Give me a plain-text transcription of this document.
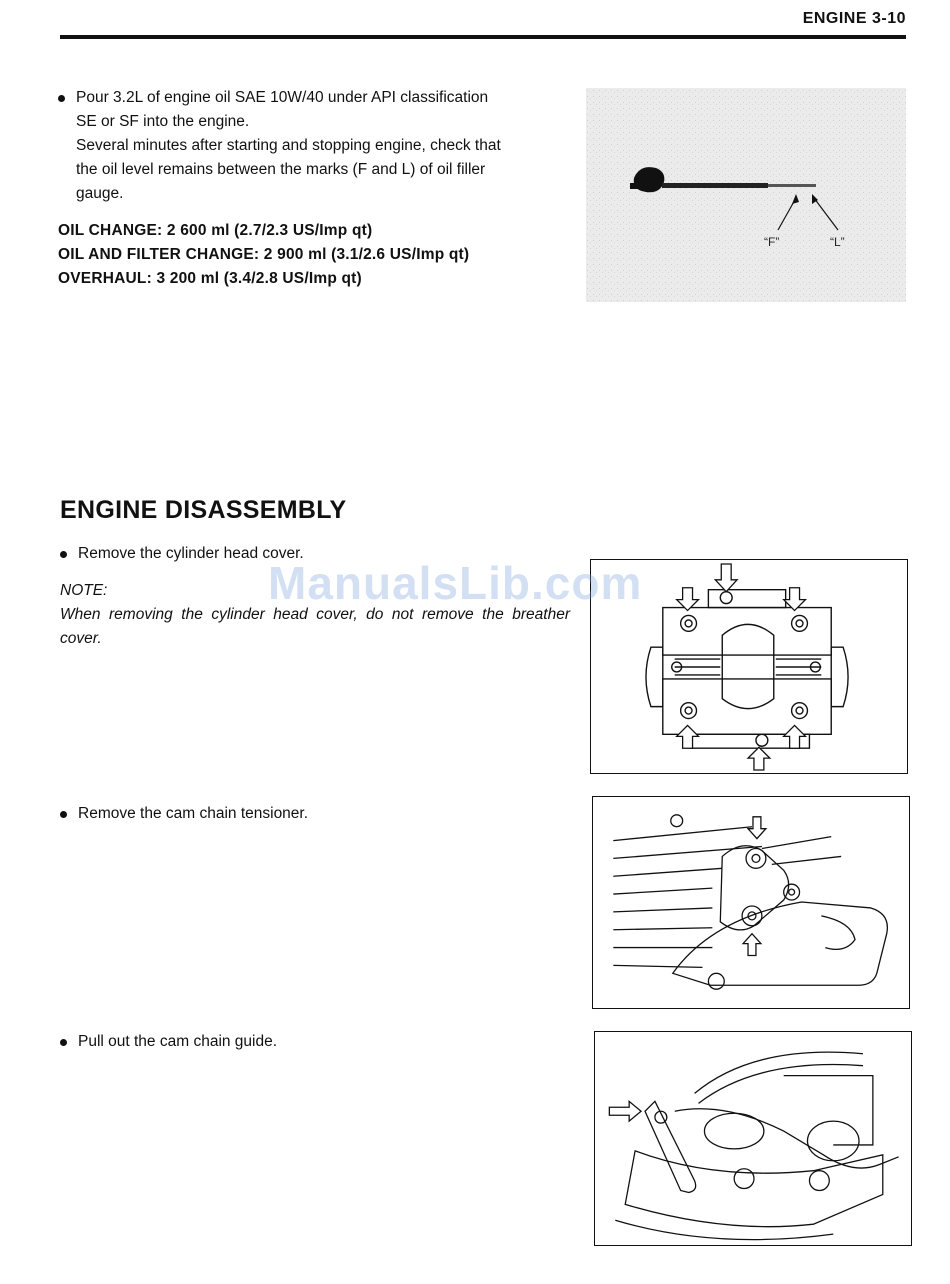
ENGINE 3-10
Pour 3.2L of engine oil SAE 10W/40 under API classification
SE or SF into the engine.
Several minutes after starting and stopping engine, check that
the oil level remains between the marks (F and L) of oil filler
gauge.
OIL CHANGE: 2 600 ml (2.7/2.3 US/Imp qt)
OIL AND FILTER CHANGE: 2 900 ml (3.1/2.6 US/Imp qt)
OVERHAUL: 3 200 ml (3.4/2.8 US/Imp qt)
“F”	“L”
ENGINE DISASSEMBLY
Remove the cylinder head cover.
NOTE:
When removing the cylinder head cover, do not remove the breather cover.
Remove the cam chain tensioner.
Pull out the cam chain guide.
ManualsLib.com
